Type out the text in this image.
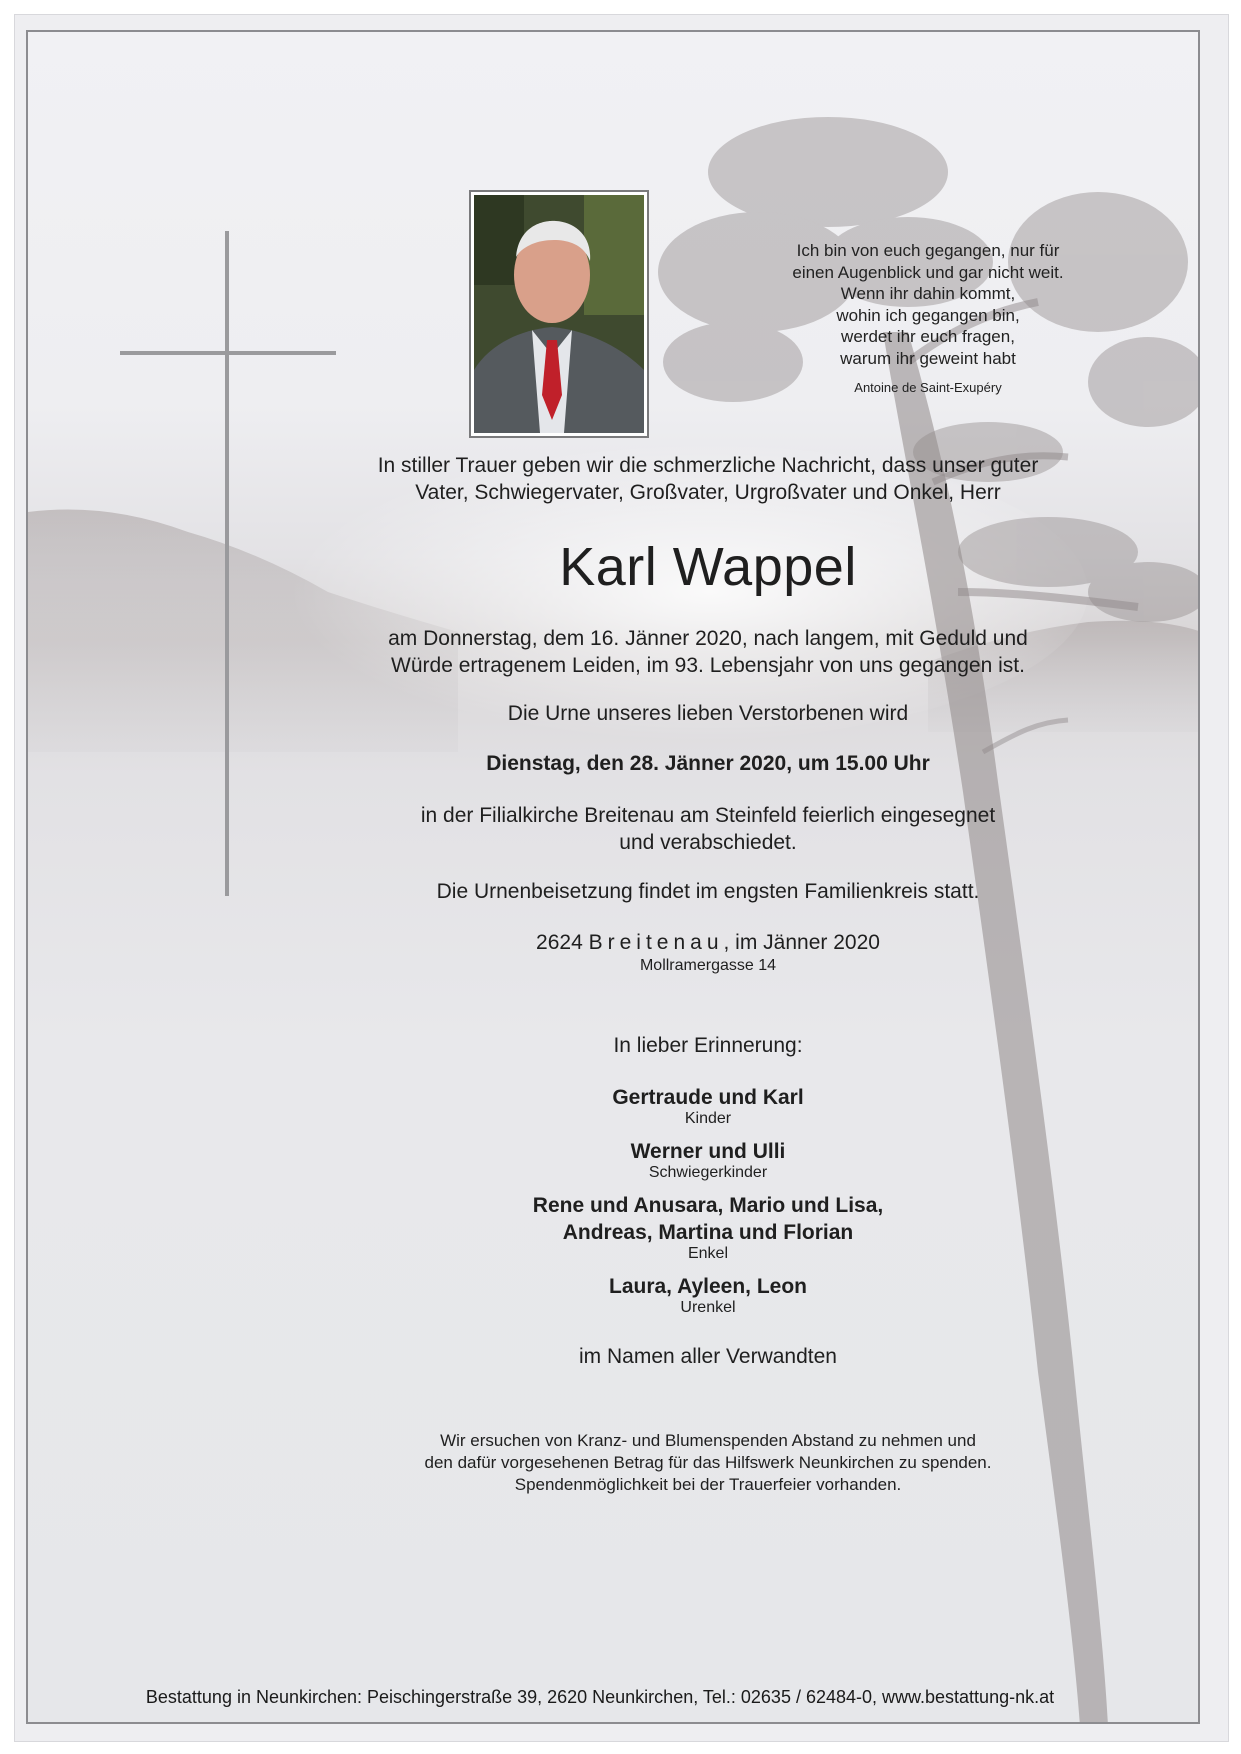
Ich bin von euch gegangen, nur für
einen Augenblick und gar nicht weit.
Wenn ihr dahin kommt,
wohin ich gegangen bin,
werdet ihr euch fragen,
warum ihr geweint habt
Antoine de Saint-Exupéry
In stiller Trauer geben wir die schmerzliche Nachricht, dass unser guter
Vater, Schwiegervater, Großvater, Urgroßvater und Onkel, Herr
Karl Wappel
am Donnerstag, dem 16. Jänner 2020, nach langem, mit Geduld und
Würde ertragenem Leiden, im 93. Lebensjahr von uns gegangen ist.
Die Urne unseres lieben Verstorbenen wird
Dienstag, den 28. Jänner 2020, um 15.00 Uhr
in der Filialkirche Breitenau am Steinfeld feierlich eingesegnet
und verabschiedet.
Die Urnenbeisetzung findet im engsten Familienkreis statt.
2624 Breitenau, im Jänner 2020
Mollramergasse 14
In lieber Erinnerung:
Gertraude und Karl
Kinder
Werner und Ulli
Schwiegerkinder
Rene und Anusara, Mario und Lisa,
Andreas, Martina und Florian
Enkel
Laura, Ayleen, Leon
Urenkel
im Namen aller Verwandten
Wir ersuchen von Kranz- und Blumenspenden Abstand zu nehmen und
den dafür vorgesehenen Betrag für das Hilfswerk Neunkirchen zu spenden.
Spendenmöglichkeit bei der Trauerfeier vorhanden.
Bestattung in Neunkirchen: Peischingerstraße 39, 2620 Neunkirchen, Tel.: 02635 / 62484-0, www.bestattung-nk.at
